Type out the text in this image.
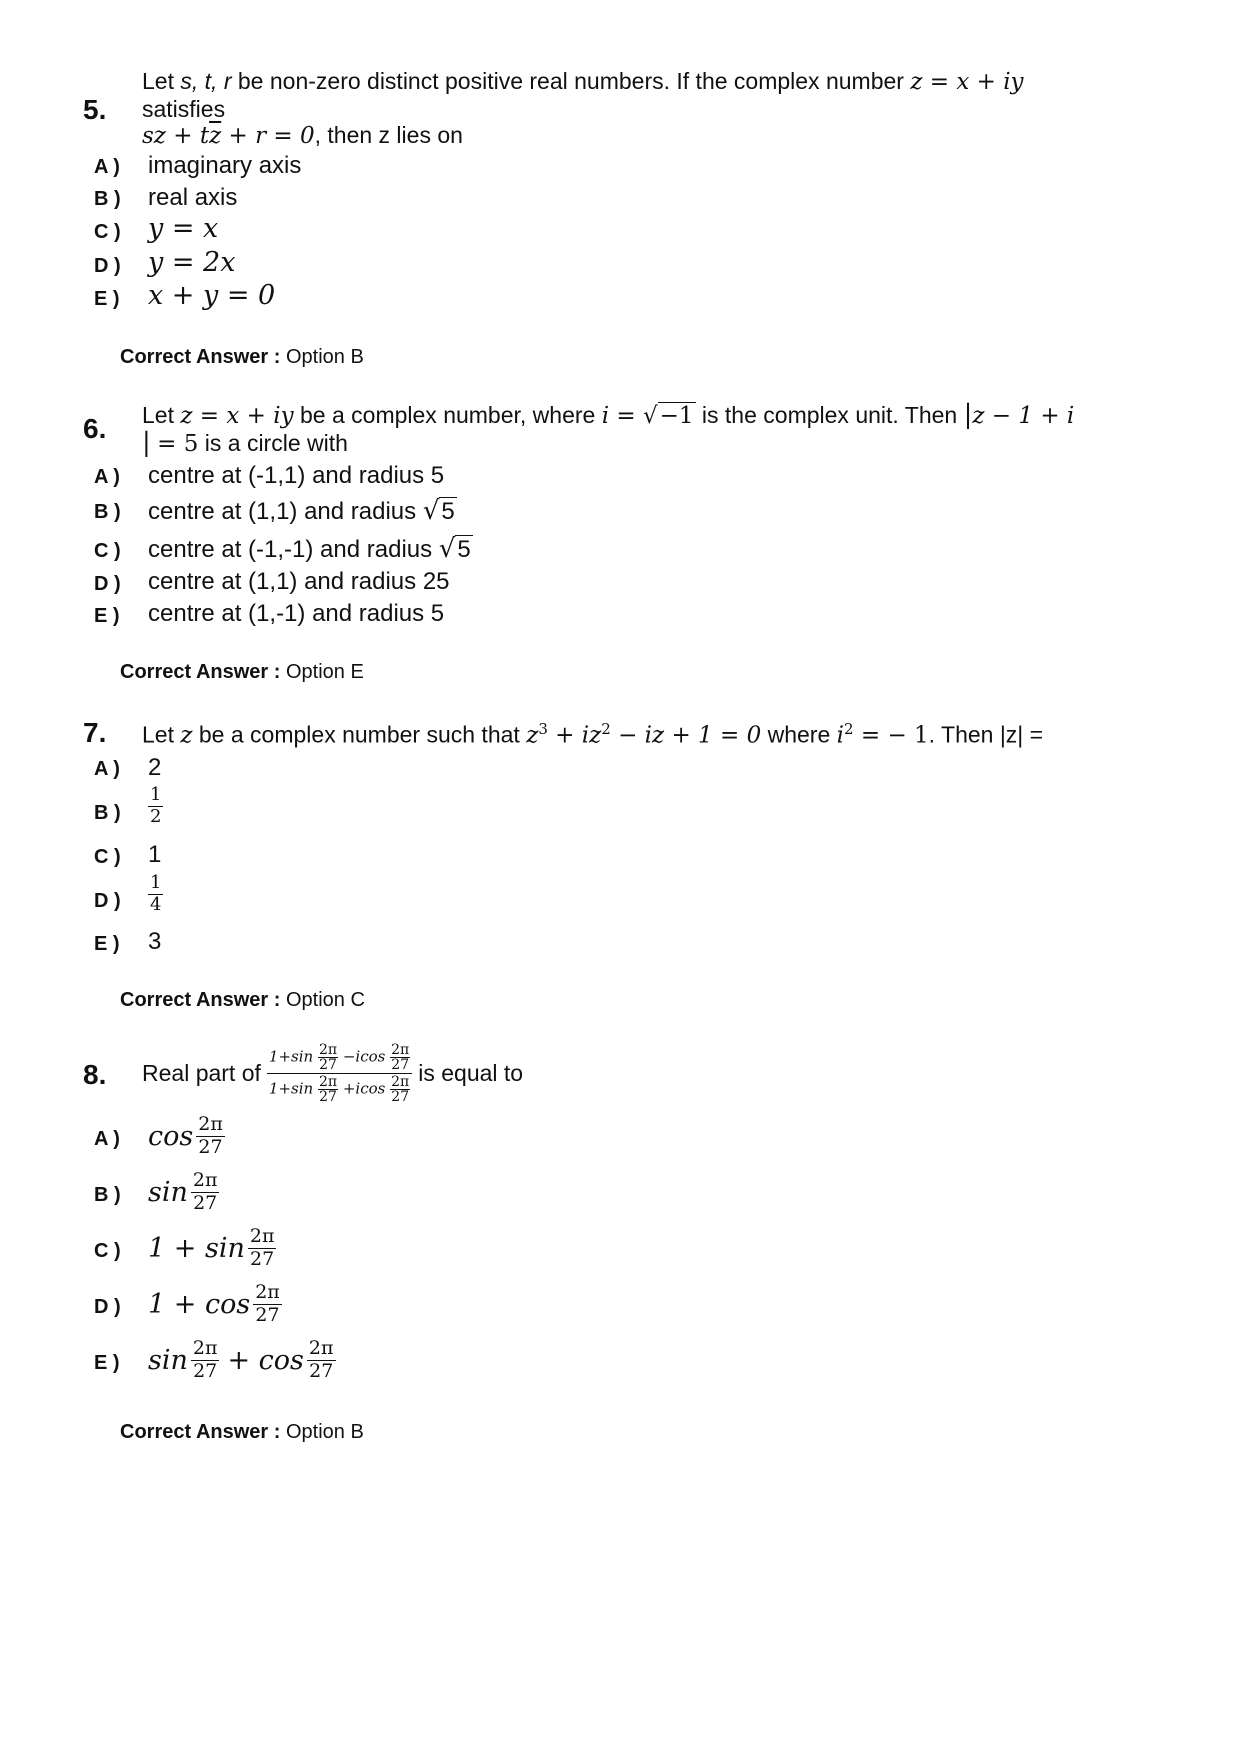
5.
Let s, t, r be non-zero distinct positive real numbers. If the complex number z = x + iy
satisfies
sz + $t\overline{z} + r = 0$, then z lies on
A ) imaginary axis
B ) real axis
C ) y = x
D ) y = 2x
E ) x + y = 0
Correct Answer : Option B
6. Let z = x + iy be a complex number, where i = √−1 is the complex unit. Then |z − 1 + i
| = 5 is a circle with
A ) centre at (-1,1) and radius 5
B ) centre at (1,1) and radius √5
C ) centre at (-1,-1) and radius √5
D ) centre at (1,1) and radius 25
E ) centre at (1,-1) and radius 5
Correct Answer : Option E
7. Let z be a complex number such that $z^3 + iz^2$ − iz + 1 = 0 where $i^2$ = − 1. Then |z| =
A ) 2
B ) $\frac{1}{2}$
C ) 1
D ) $\frac{1}{4}$
E ) 3
Correct Answer : Option C
8. Real part of $\frac{1+\sin \frac{2\pi}{27} -icos \frac{2\pi}{27}}{1+\sin \frac{2\pi}{27} +icos \frac{2\pi}{27}}$ is equal to
A ) $\cos \frac{2\pi}{27}$
B ) $\sin \frac{2\pi}{27}$
C ) $1 + \sin \frac{2\pi}{27}$
D ) $1 + \cos \frac{2\pi}{27}$
E ) $\sin \frac{2\pi}{27} + \cos \frac{2\pi}{27}$
Correct Answer : Option B
